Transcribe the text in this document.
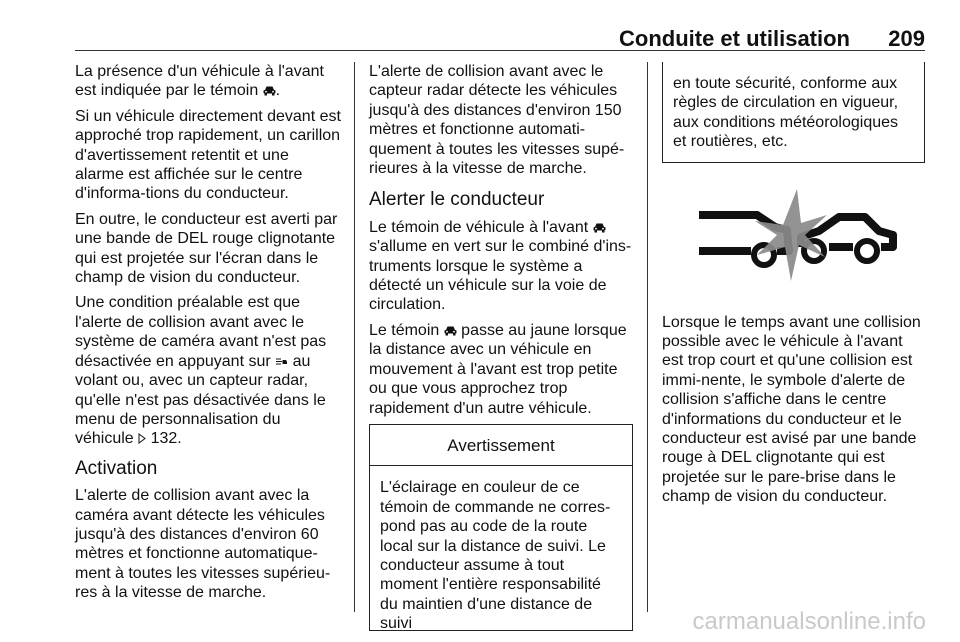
Conduite et utilisation 209

La présence d'un véhicule à l'avant est indiquée par le témoin .

Si un véhicule directement devant est approché trop rapidement, un carillon d'avertissement retentit et une alarme est affichée sur le centre d'informa-tions du conducteur.

En outre, le conducteur est averti par une bande de DEL rouge clignotante qui est projetée sur l'écran dans le champ de vision du conducteur.

Une condition préalable est que l'alerte de collision avant avec le système de caméra avant n'est pas désactivée en appuyant sur  au volant ou, avec un capteur radar, qu'elle n'est pas désactivée dans le menu de personnalisation du véhicule  132.

Activation

L'alerte de collision avant avec la caméra avant détecte les véhicules jusqu'à des distances d'environ 60 mètres et fonctionne automatique-ment à toutes les vitesses supérieu-res à la vitesse de marche.

L'alerte de collision avant avec le capteur radar détecte les véhicules jusqu'à des distances d'environ 150 mètres et fonctionne automati-quement à toutes les vitesses supé-rieures à la vitesse de marche.

Alerter le conducteur

Le témoin de véhicule à l'avant  s'allume en vert sur le combiné d'ins-truments lorsque le système a détecté un véhicule sur la voie de circulation.

Le témoin  passe au jaune lorsque la distance avec un véhicule en mouvement à l'avant est trop petite ou que vous approchez trop rapidement d'un autre véhicule.

Avertissement
L'éclairage en couleur de ce témoin de commande ne corres-pond pas au code de la route local sur la distance de suivi. Le conducteur assume à tout moment l'entière responsabilité du maintien d'une distance de suivi
en toute sécurité, conforme aux règles de circulation en vigueur, aux conditions météorologiques et routières, etc.

Lorsque le temps avant une collision possible avec le véhicule à l'avant est trop court et qu'une collision est immi-nente, le symbole d'alerte de collision s'affiche dans le centre d'informations du conducteur et le conducteur est avisé par une bande rouge à DEL clignotante qui est projetée sur le pare-brise dans le champ de vision du conducteur.

carmanualsonline.info
